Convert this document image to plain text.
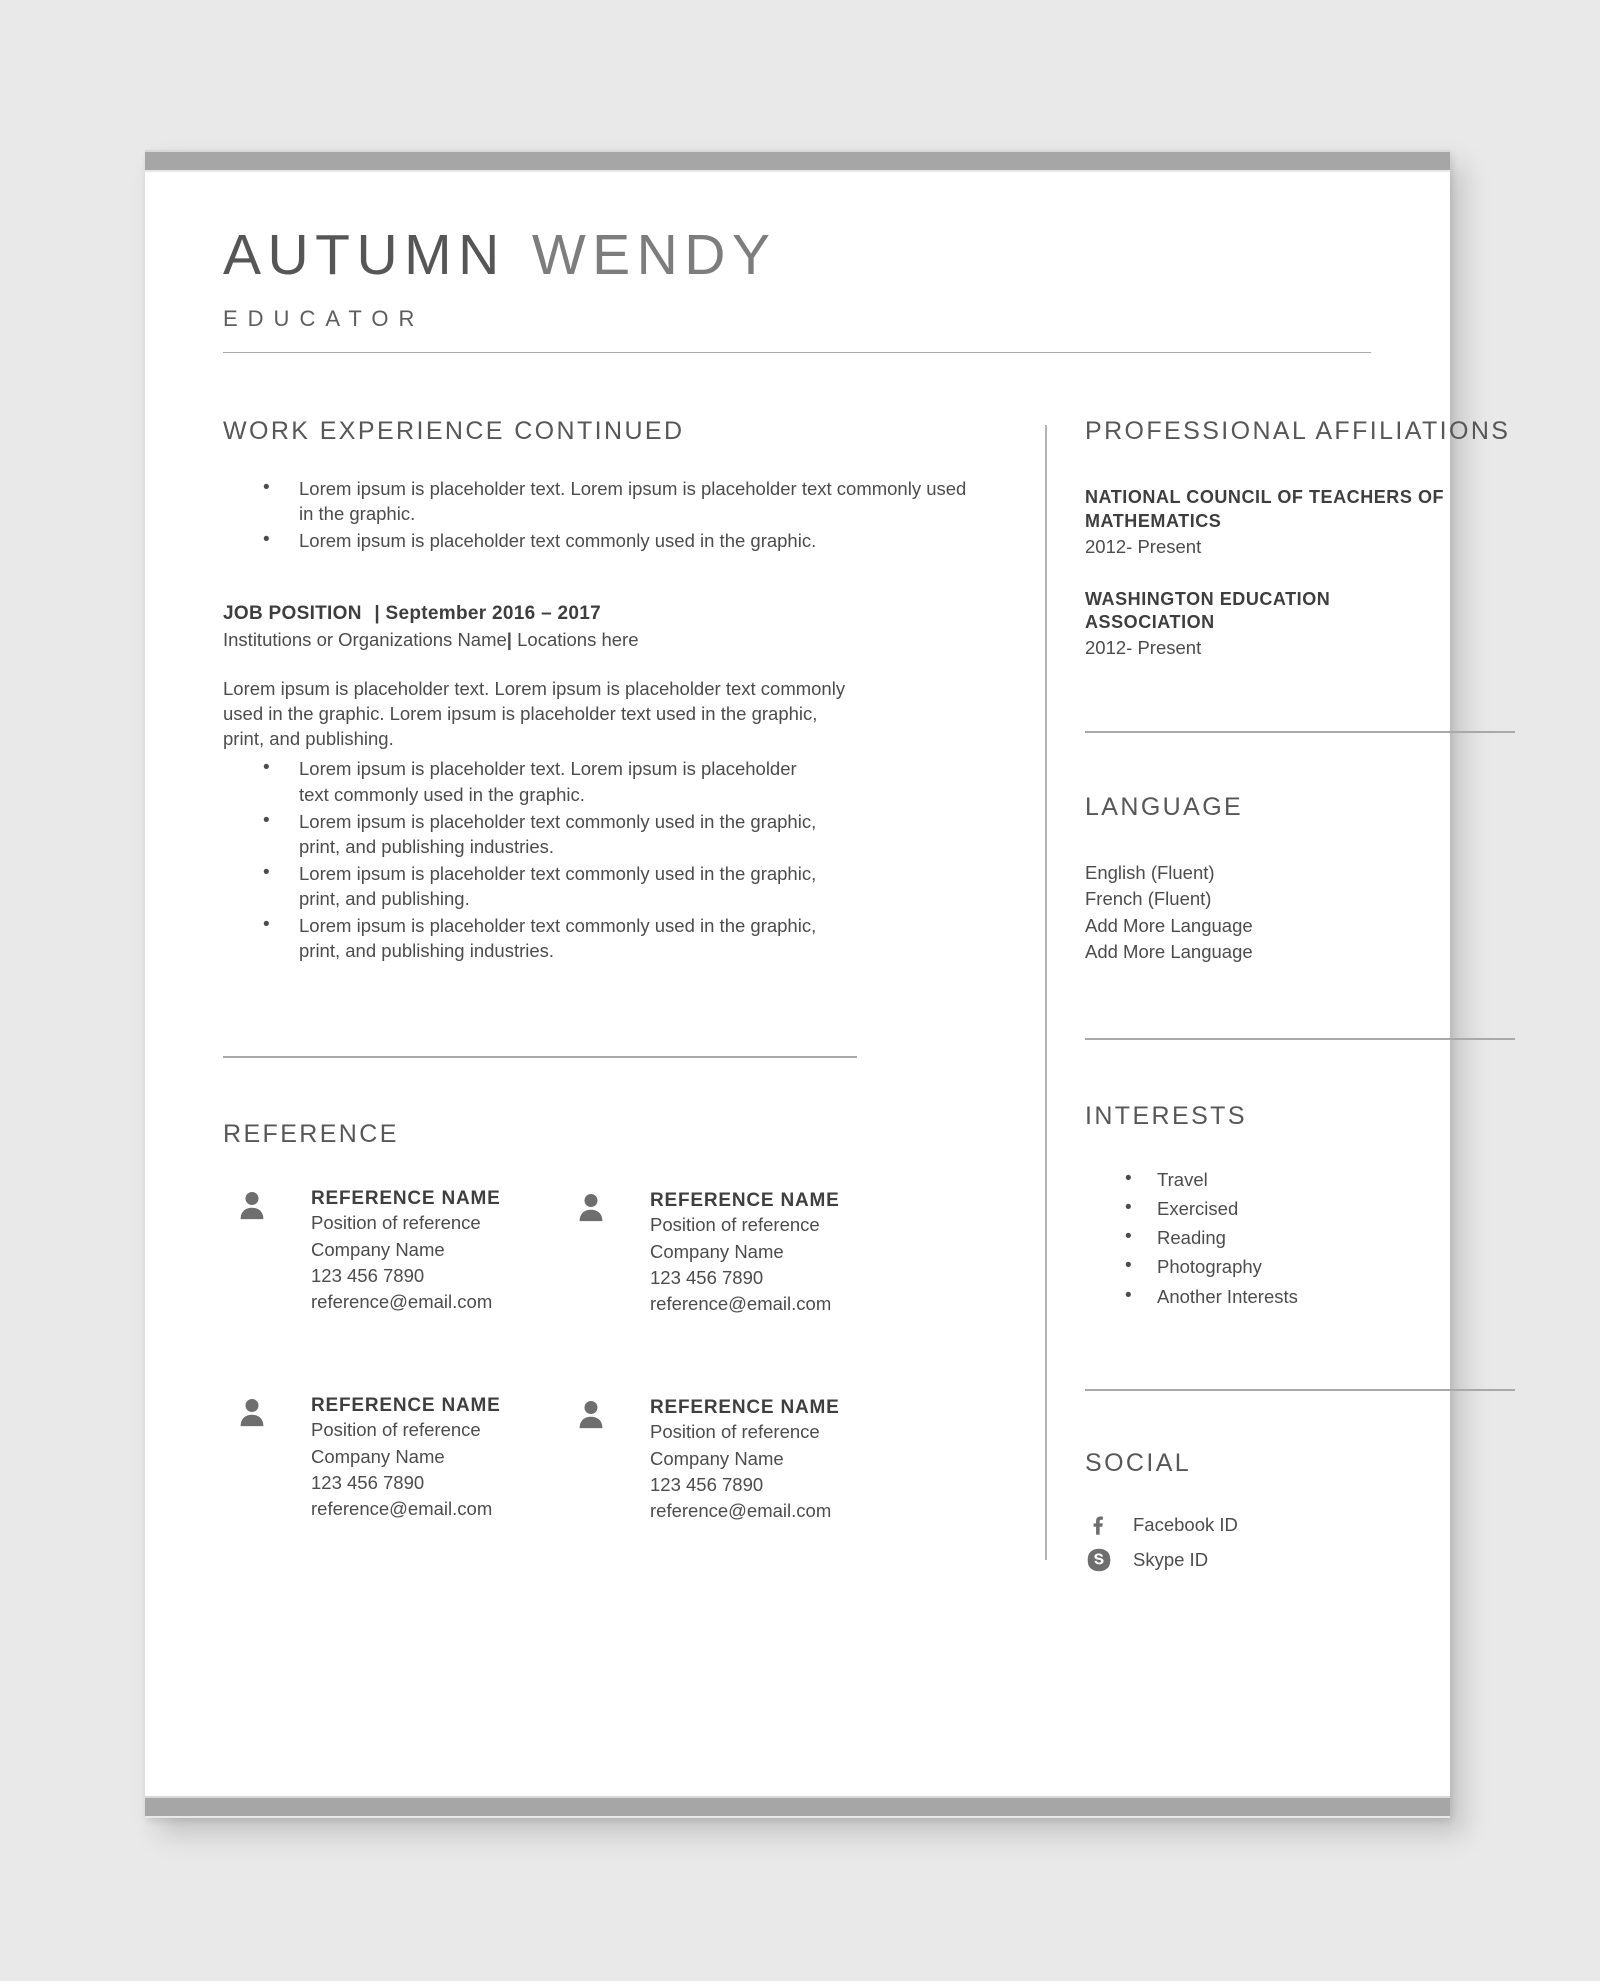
AUTUMN WENDY
EDUCATOR
WORK EXPERIENCE CONTINUED
• Lorem ipsum is placeholder text. Lorem ipsum is placeholder text commonly used in the graphic.
• Lorem ipsum is placeholder text commonly used in the graphic.
JOB POSITION | September 2016 – 2017
Institutions or Organizations Name| Locations here
Lorem ipsum is placeholder text. Lorem ipsum is placeholder text commonly used in the graphic. Lorem ipsum is placeholder text used in the graphic, print, and publishing.
• Lorem ipsum is placeholder text. Lorem ipsum is placeholder text commonly used in the graphic.
• Lorem ipsum is placeholder text commonly used in the graphic, print, and publishing industries.
• Lorem ipsum is placeholder text commonly used in the graphic, print, and publishing.
• Lorem ipsum is placeholder text commonly used in the graphic, print, and publishing industries.
REFERENCE
REFERENCE NAME
Position of reference
Company Name
123 456 7890
reference@email.com
REFERENCE NAME
Position of reference
Company Name
123 456 7890
reference@email.com
REFERENCE NAME
Position of reference
Company Name
123 456 7890
reference@email.com
REFERENCE NAME
Position of reference
Company Name
123 456 7890
reference@email.com
PROFESSIONAL AFFILIATIONS
NATIONAL COUNCIL OF TEACHERS OF MATHEMATICS
2012- Present
WASHINGTON EDUCATION ASSOCIATION
2012- Present
LANGUAGE
English (Fluent)
French (Fluent)
Add More Language
Add More Language
INTERESTS
• Travel
• Exercised
• Reading
• Photography
• Another Interests
SOCIAL
Facebook ID
Skype ID
